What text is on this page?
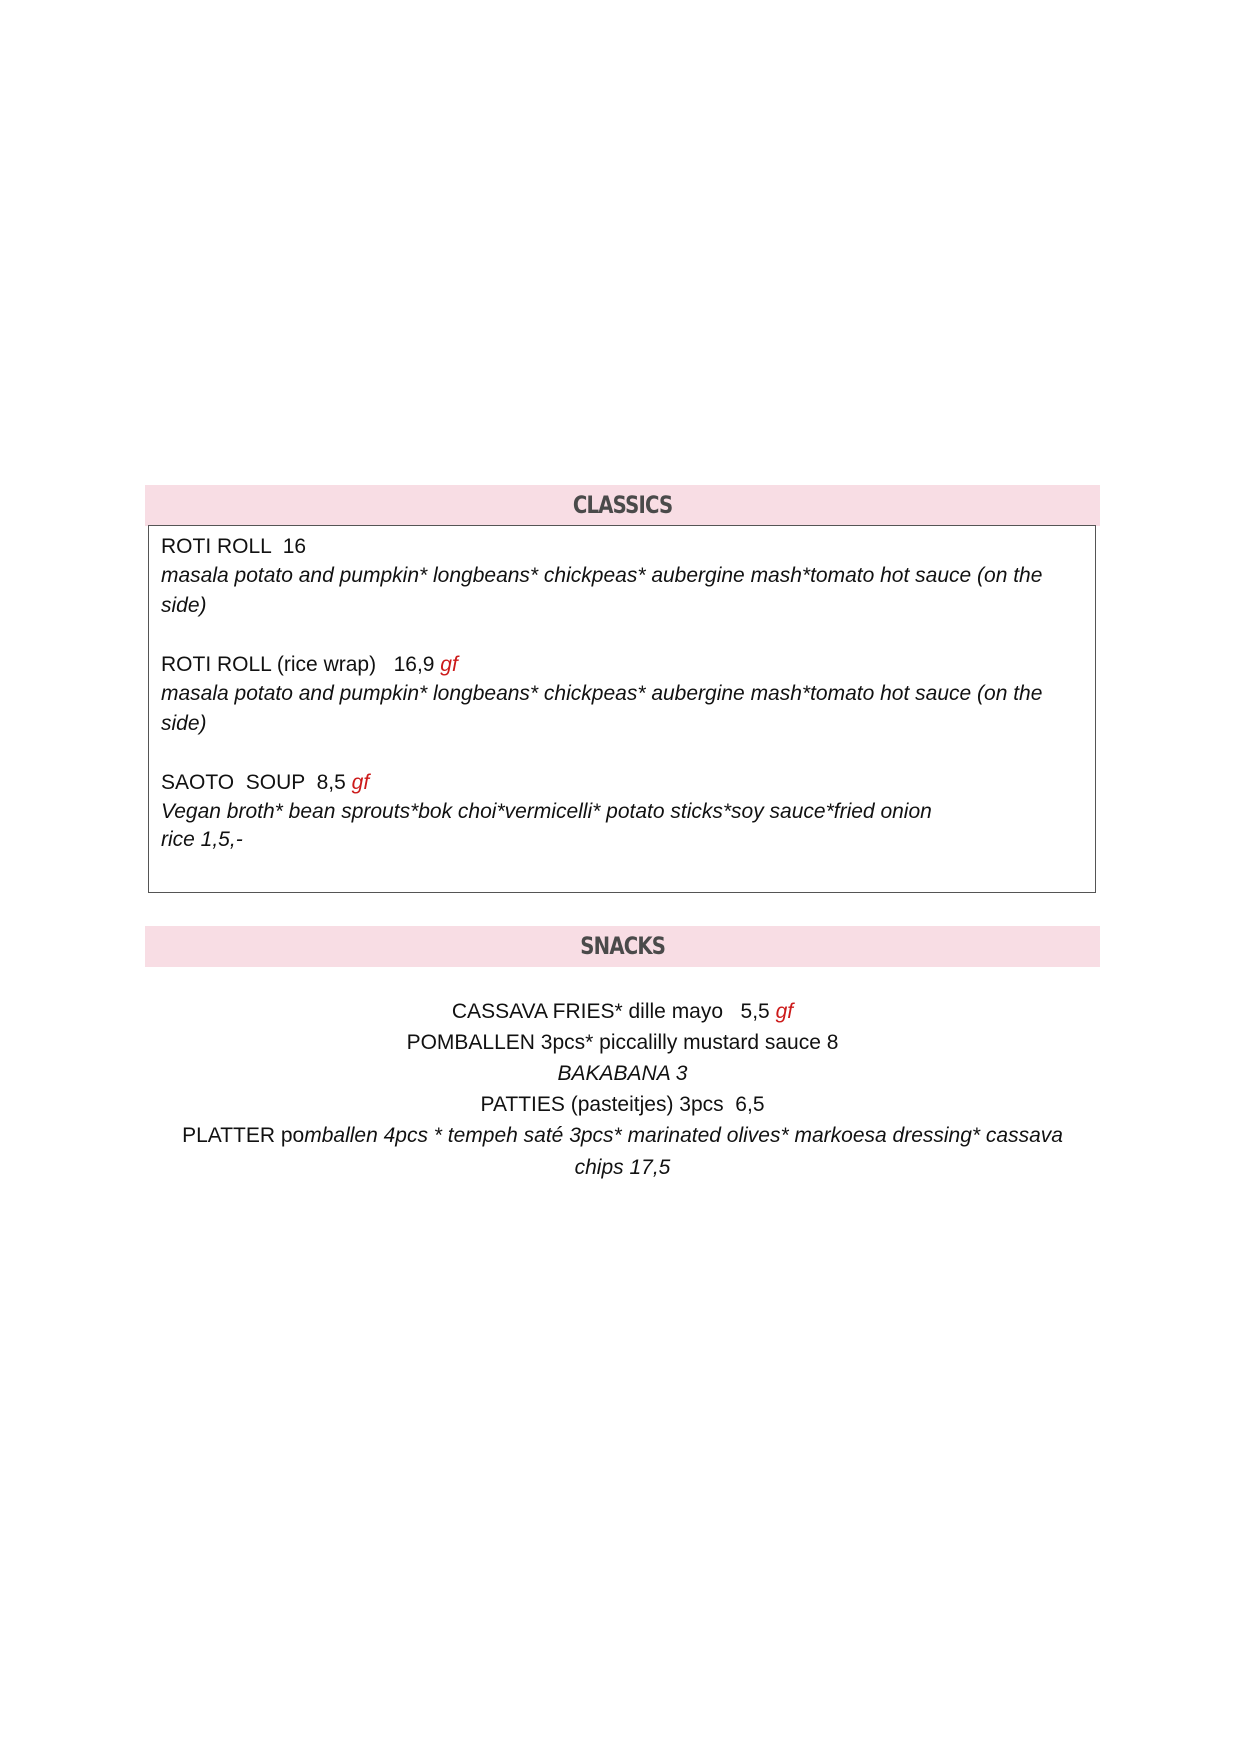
CLASSICS
ROTI ROLL  16
masala potato and pumpkin* longbeans* chickpeas* aubergine mash*tomato hot sauce (on the side)
ROTI ROLL (rice wrap)   16,9 gf
masala potato and pumpkin* longbeans* chickpeas* aubergine mash*tomato hot sauce (on the side)
SAOTO  SOUP  8,5 gf
Vegan broth* bean sprouts*bok choi*vermicelli* potato sticks*soy sauce*fried onion
rice 1,5,-
SNACKS
CASSAVA FRIES* dille mayo   5,5 gf
POMBALLEN 3pcs* piccalilly mustard sauce 8
BAKABANA 3
PATTIES (pasteitjes) 3pcs  6,5
PLATTER pomballen 4pcs * tempeh saté 3pcs* marinated olives* markoesa dressing* cassava chips 17,5
